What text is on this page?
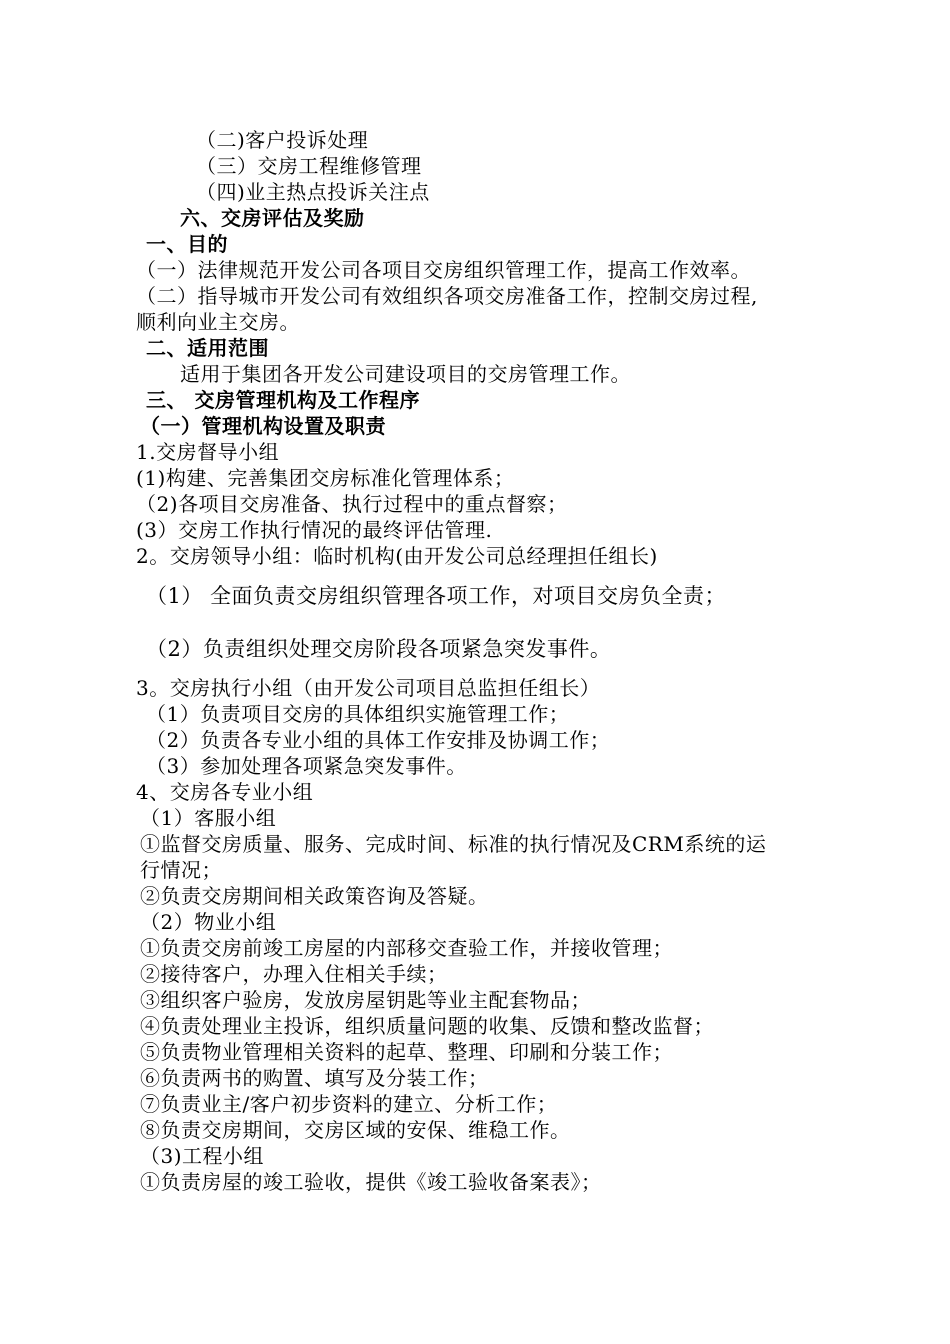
（二)客户投诉处理
（三）交房工程维修管理
（四)业主热点投诉关注点
六、交房评估及奖励
一、目的
（一）法律规范开发公司各项目交房组织管理工作，提高工作效率。
（二）指导城市开发公司有效组织各项交房准备工作，控制交房过程,
顺利向业主交房。
二、适用范围
适用于集团各开发公司建设项目的交房管理工作。
三、 交房管理机构及工作程序
（一）管理机构设置及职责
1.交房督导小组
(1)构建、完善集团交房标准化管理体系；
（2)各项目交房准备、执行过程中的重点督察；
(3）交房工作执行情况的最终评估管理.
2。交房领导小组：临时机构(由开发公司总经理担任组长)
（1） 全面负责交房组织管理各项工作，对项目交房负全责；
（2）负责组织处理交房阶段各项紧急突发事件。
3。交房执行小组（由开发公司项目总监担任组长）
（1）负责项目交房的具体组织实施管理工作；
（2）负责各专业小组的具体工作安排及协调工作；
（3）参加处理各项紧急突发事件。
4、交房各专业小组
（1）客服小组
①监督交房质量、服务、完成时间、标准的执行情况及CRM系统的运
行情况；
②负责交房期间相关政策咨询及答疑。
（2）物业小组
①负责交房前竣工房屋的内部移交查验工作，并接收管理；
②接待客户，办理入住相关手续；
③组织客户验房，发放房屋钥匙等业主配套物品；
④负责处理业主投诉，组织质量问题的收集、反馈和整改监督；
⑤负责物业管理相关资料的起草、整理、印刷和分装工作；
⑥负责两书的购置、填写及分装工作；
⑦负责业主/客户初步资料的建立、分析工作；
⑧负责交房期间，交房区域的安保、维稳工作。
（3)工程小组
①负责房屋的竣工验收，提供《竣工验收备案表》；
